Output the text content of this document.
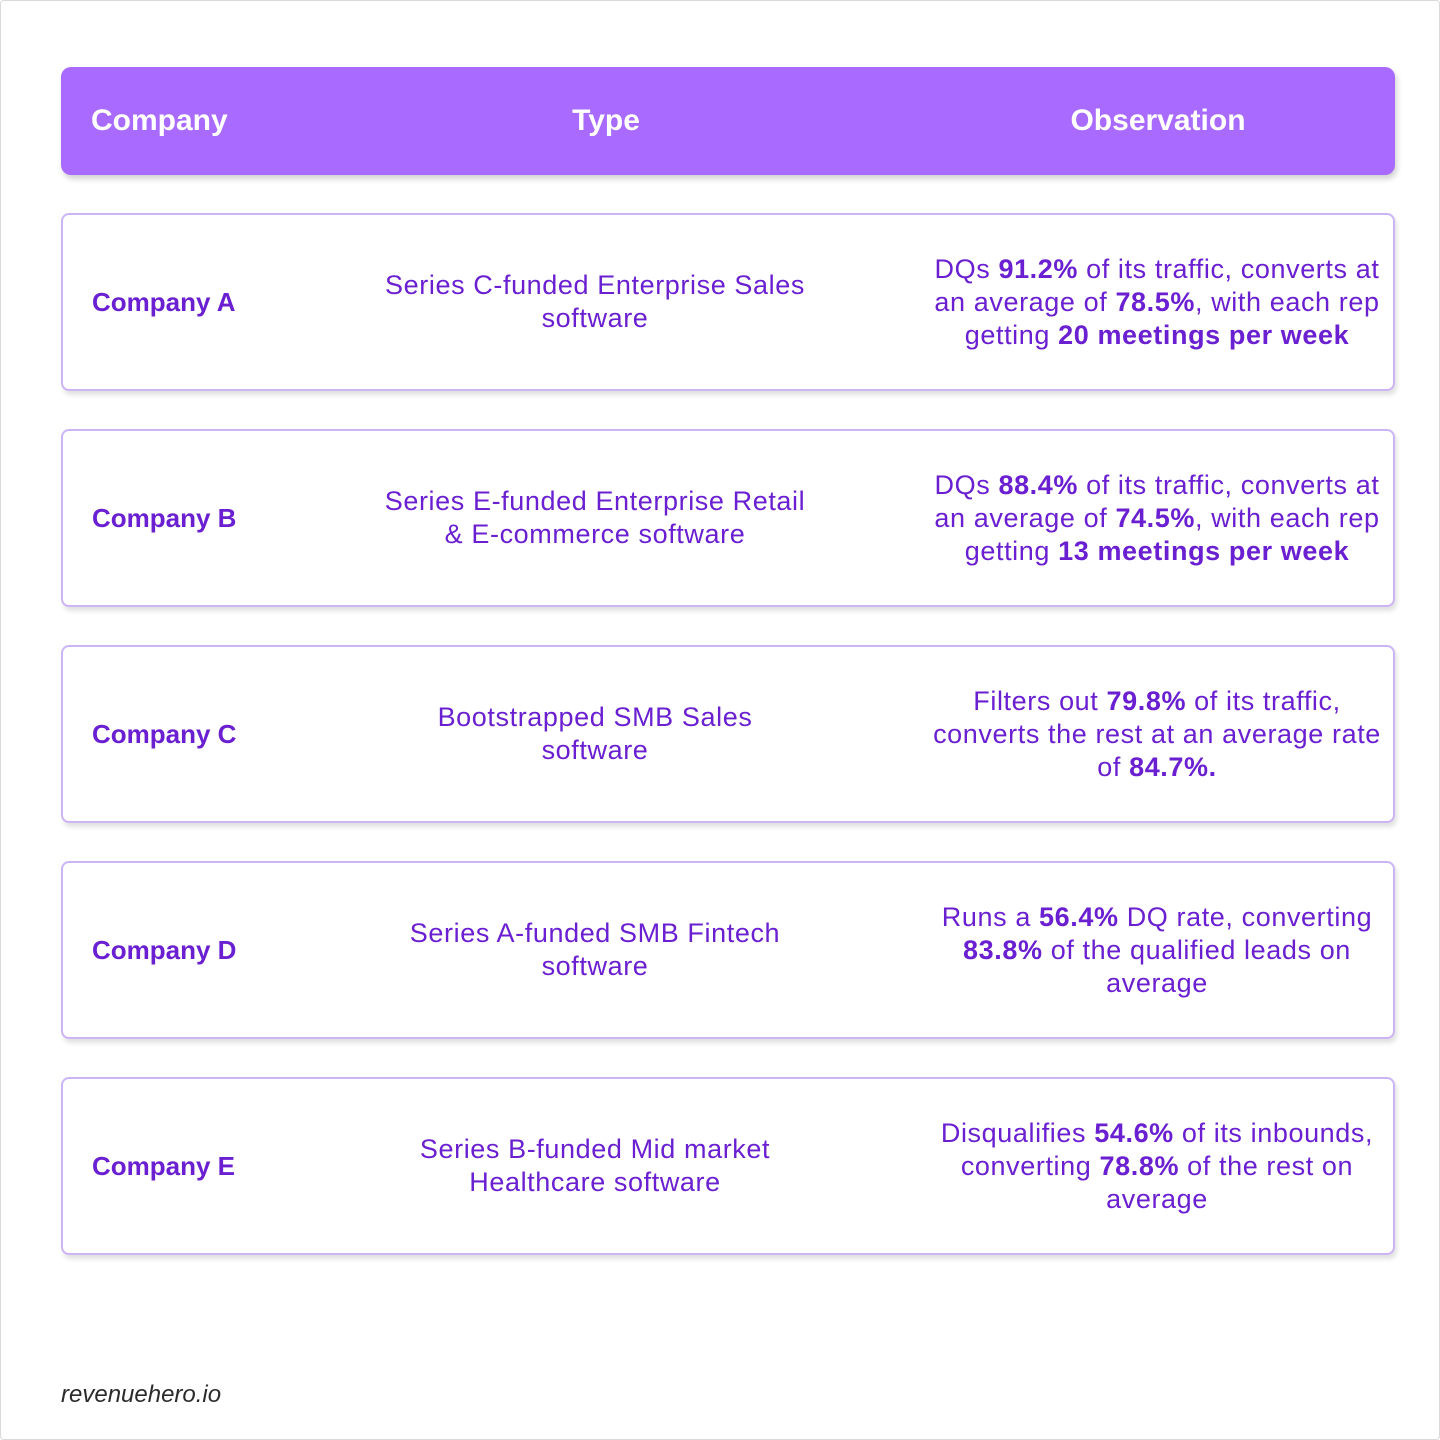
Company	Type	Observation
Company A
Series C-funded Enterprise Sales software
DQs 91.2% of its traffic, converts at an average of 78.5%, with each rep getting 20 meetings per week
Company B
Series E-funded Enterprise Retail & E-commerce software
DQs 88.4% of its traffic, converts at an average of 74.5%, with each rep getting 13 meetings per week
Company C
Bootstrapped SMB Sales software
Filters out 79.8% of its traffic, converts the rest at an average rate of 84.7%.
Company D
Series A-funded SMB Fintech software
Runs a 56.4% DQ rate, converting 83.8% of the qualified leads on average
Company E
Series B-funded Mid market Healthcare software
Disqualifies 54.6% of its inbounds, converting 78.8% of the rest on average
revenuehero.io
